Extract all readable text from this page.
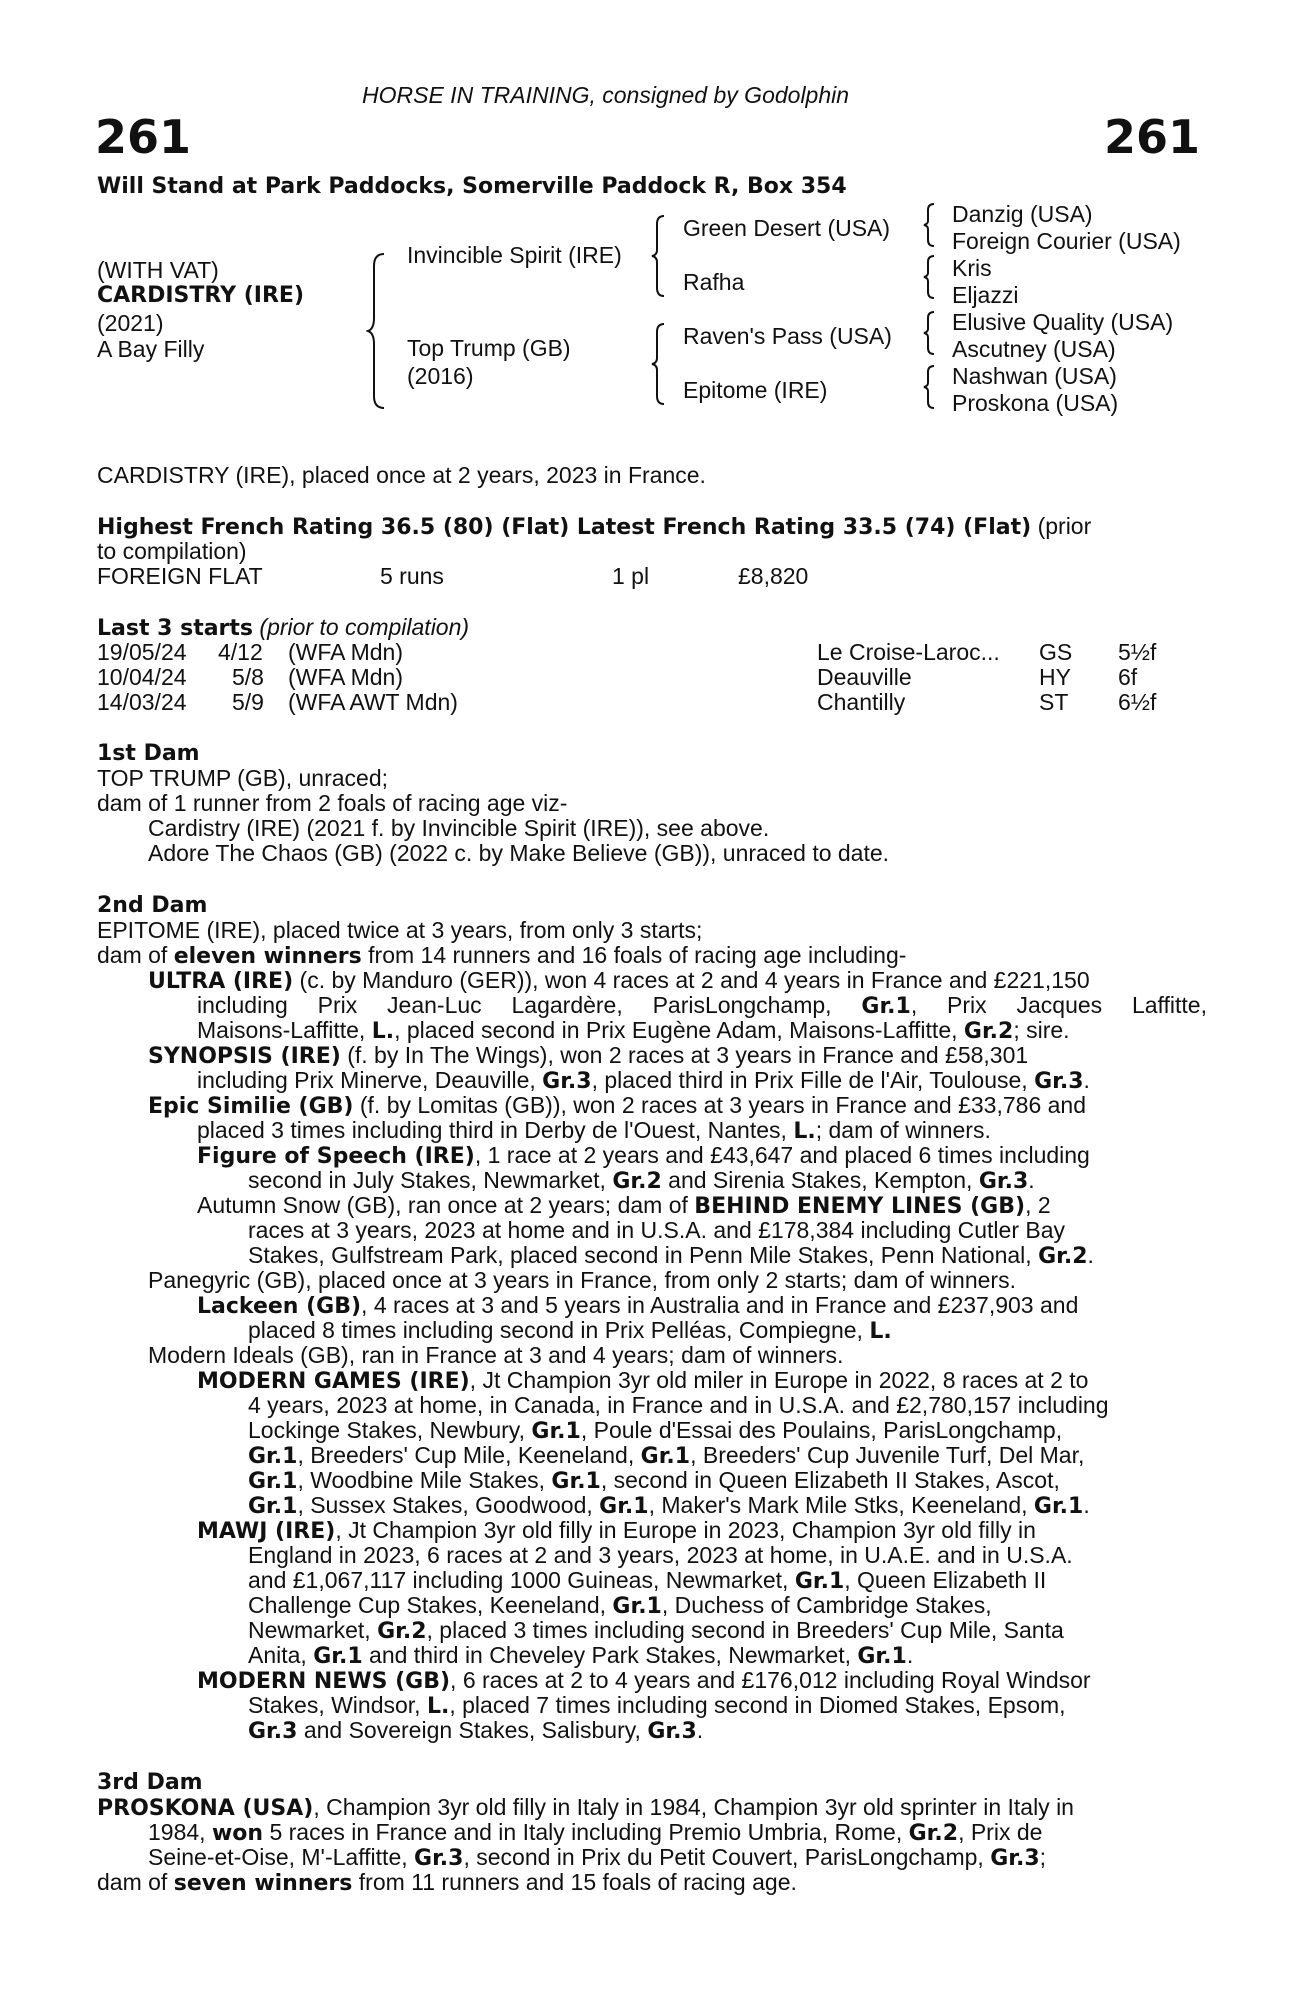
HORSE IN TRAINING, consigned by Godolphin
261	261
Will Stand at Park Paddocks, Somerville Paddock R, Box 354
(WITH VAT)
CARDISTRY (IRE)
(2021)
A Bay Filly
Invincible Spirit (IRE)
Top Trump (GB)
(2016)
Green Desert (USA)
Rafha
Raven's Pass (USA)
Epitome (IRE)
Danzig (USA)
Foreign Courier (USA)
Kris
Eljazzi
Elusive Quality (USA)
Ascutney (USA)
Nashwan (USA)
Proskona (USA)
CARDISTRY (IRE), placed once at 2 years, 2023 in France.
Highest French Rating 36.5 (80) (Flat) Latest French Rating 33.5 (74) (Flat) (prior
to compilation)
FOREIGN FLAT	5 runs	1 pl	£8,820
Last 3 starts (prior to compilation)
19/05/24 4/12 (WFA Mdn)	Le Croise-Laroc... GS 5½f
10/04/24 5/8 (WFA Mdn)	Deauville	HY 6f
14/03/24 5/9 (WFA AWT Mdn)	Chantilly	ST 6½f
1st Dam
TOP TRUMP (GB), unraced;
dam of 1 runner from 2 foals of racing age viz-
Cardistry (IRE) (2021 f. by Invincible Spirit (IRE)), see above.
Adore The Chaos (GB) (2022 c. by Make Believe (GB)), unraced to date.
2nd Dam
EPITOME (IRE), placed twice at 3 years, from only 3 starts;
dam of eleven winners from 14 runners and 16 foals of racing age including-
ULTRA (IRE) (c. by Manduro (GER)), won 4 races at 2 and 4 years in France and £221,150
including Prix Jean-Luc Lagardère, ParisLongchamp, Gr.1, Prix Jacques Laffitte,
Maisons-Laffitte, L., placed second in Prix Eugène Adam, Maisons-Laffitte, Gr.2; sire.
SYNOPSIS (IRE) (f. by In The Wings), won 2 races at 3 years in France and £58,301
including Prix Minerve, Deauville, Gr.3, placed third in Prix Fille de l'Air, Toulouse, Gr.3.
Epic Similie (GB) (f. by Lomitas (GB)), won 2 races at 3 years in France and £33,786 and
placed 3 times including third in Derby de l'Ouest, Nantes, L.; dam of winners.
Figure of Speech (IRE), 1 race at 2 years and £43,647 and placed 6 times including
second in July Stakes, Newmarket, Gr.2 and Sirenia Stakes, Kempton, Gr.3.
Autumn Snow (GB), ran once at 2 years; dam of BEHIND ENEMY LINES (GB), 2
races at 3 years, 2023 at home and in U.S.A. and £178,384 including Cutler Bay
Stakes, Gulfstream Park, placed second in Penn Mile Stakes, Penn National, Gr.2.
Panegyric (GB), placed once at 3 years in France, from only 2 starts; dam of winners.
Lackeen (GB), 4 races at 3 and 5 years in Australia and in France and £237,903 and
placed 8 times including second in Prix Pelléas, Compiegne, L.
Modern Ideals (GB), ran in France at 3 and 4 years; dam of winners.
MODERN GAMES (IRE), Jt Champion 3yr old miler in Europe in 2022, 8 races at 2 to
4 years, 2023 at home, in Canada, in France and in U.S.A. and £2,780,157 including
Lockinge Stakes, Newbury, Gr.1, Poule d'Essai des Poulains, ParisLongchamp,
Gr.1, Breeders' Cup Mile, Keeneland, Gr.1, Breeders' Cup Juvenile Turf, Del Mar,
Gr.1, Woodbine Mile Stakes, Gr.1, second in Queen Elizabeth II Stakes, Ascot,
Gr.1, Sussex Stakes, Goodwood, Gr.1, Maker's Mark Mile Stks, Keeneland, Gr.1.
MAWJ (IRE), Jt Champion 3yr old filly in Europe in 2023, Champion 3yr old filly in
England in 2023, 6 races at 2 and 3 years, 2023 at home, in U.A.E. and in U.S.A.
and £1,067,117 including 1000 Guineas, Newmarket, Gr.1, Queen Elizabeth II
Challenge Cup Stakes, Keeneland, Gr.1, Duchess of Cambridge Stakes,
Newmarket, Gr.2, placed 3 times including second in Breeders' Cup Mile, Santa
Anita, Gr.1 and third in Cheveley Park Stakes, Newmarket, Gr.1.
MODERN NEWS (GB), 6 races at 2 to 4 years and £176,012 including Royal Windsor
Stakes, Windsor, L., placed 7 times including second in Diomed Stakes, Epsom,
Gr.3 and Sovereign Stakes, Salisbury, Gr.3.
3rd Dam
PROSKONA (USA), Champion 3yr old filly in Italy in 1984, Champion 3yr old sprinter in Italy in
1984, won 5 races in France and in Italy including Premio Umbria, Rome, Gr.2, Prix de
Seine-et-Oise, M'-Laffitte, Gr.3, second in Prix du Petit Couvert, ParisLongchamp, Gr.3;
dam of seven winners from 11 runners and 15 foals of racing age.
